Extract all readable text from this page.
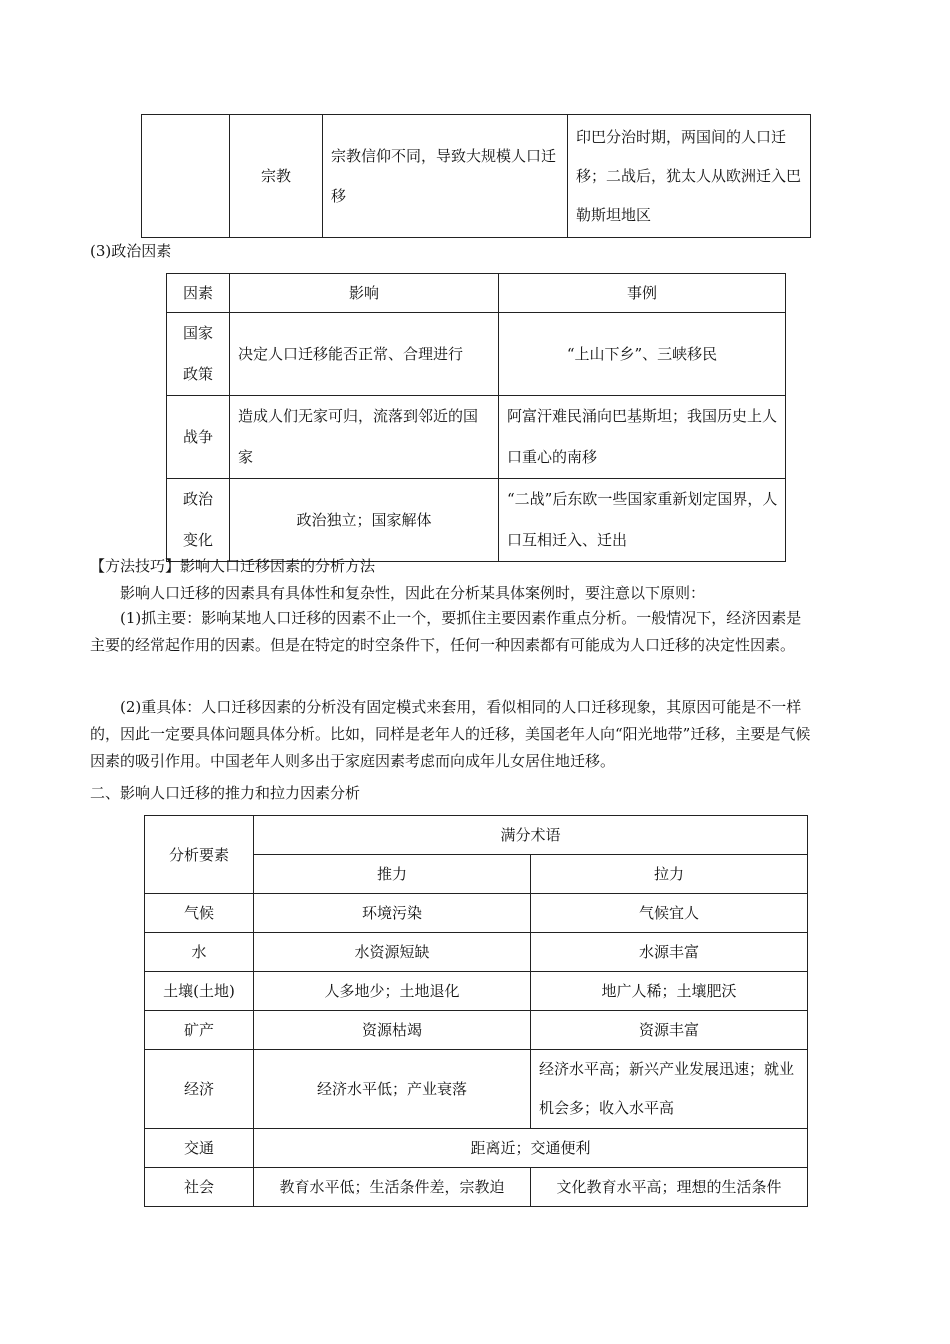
	宗教	宗教信仰不同，导致大规模人口迁移	印巴分治时期，两国间的人口迁移；二战后，犹太人从欧洲迁入巴勒斯坦地区
(3)政治因素
因素	影响	事例
国家政策	决定人口迁移能否正常、合理进行	“上山下乡”、三峡移民
战争	造成人们无家可归，流落到邻近的国家	阿富汗难民涌向巴基斯坦；我国历史上人口重心的南移
政治变化	政治独立；国家解体	“二战”后东欧一些国家重新划定国界，人口互相迁入、迁出
【方法技巧】影响人口迁移因素的分析方法
影响人口迁移的因素具有具体性和复杂性，因此在分析某具体案例时，要注意以下原则：
(1)抓主要：影响某地人口迁移的因素不止一个，要抓住主要因素作重点分析。一般情况下，经济因素是主要的经常起作用的因素。但是在特定的时空条件下，任何一种因素都有可能成为人口迁移的决定性因素。
(2)重具体：人口迁移因素的分析没有固定模式来套用，看似相同的人口迁移现象，其原因可能是不一样的，因此一定要具体问题具体分析。比如，同样是老年人的迁移，美国老年人向“阳光地带”迁移，主要是气候因素的吸引作用。中国老年人则多出于家庭因素考虑而向成年儿女居住地迁移。
二、影响人口迁移的推力和拉力因素分析
分析要素	满分术语	
	推力	拉力
气候	环境污染	气候宜人
水	水资源短缺	水源丰富
土壤(土地)	人多地少；土地退化	地广人稀；土壤肥沃
矿产	资源枯竭	资源丰富
经济	经济水平低；产业衰落	经济水平高；新兴产业发展迅速；就业机会多；收入水平高
交通	距离近；交通便利	
社会	教育水平低；生活条件差，宗教迫	文化教育水平高；理想的生活条件
